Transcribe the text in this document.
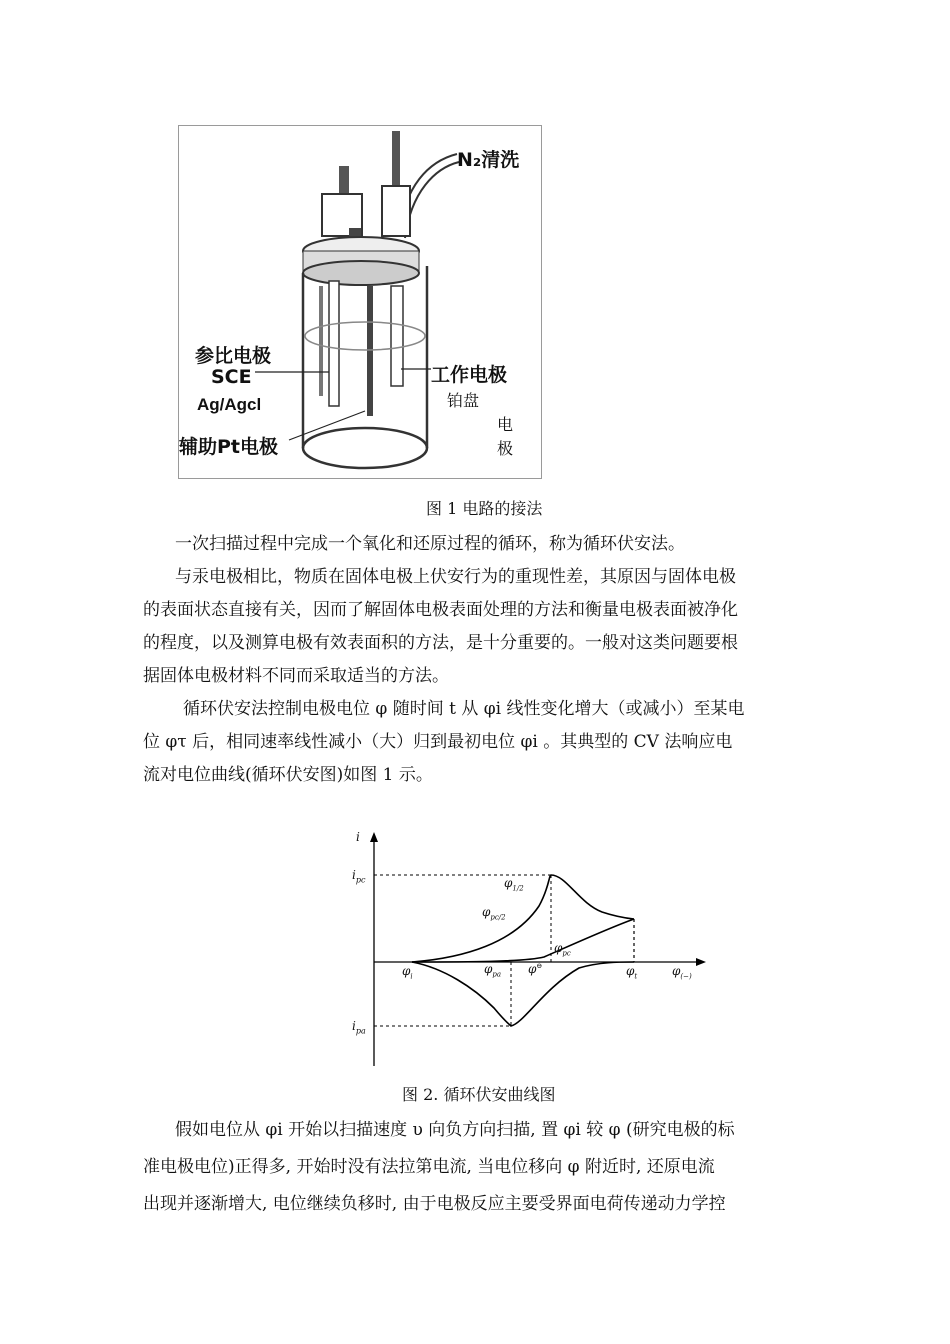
N₂清洗
参比电极
SCE
Ag/Agcl
辅助Pt电极
工作电极
铂盘
电
极
图 1 电路的接法
一次扫描过程中完成一个氧化和还原过程的循环，称为循环伏安法。
与汞电极相比，物质在固体电极上伏安行为的重现性差，其原因与固体电极
的表面状态直接有关，因而了解固体电极表面处理的方法和衡量电极表面被净化
的程度，以及测算电极有效表面积的方法，是十分重要的。一般对这类问题要根
据固体电极材料不同而采取适当的方法。
循环伏安法控制电极电位 φ 随时间 t 从 φi 线性变化增大（或减小）至某电
位 φτ 后，相同速率线性减小（大）归到最初电位 φi 。其典型的 CV 法响应电
流对电位曲线(循环伏安图)如图 1 示。
i
$i_{pc}$
$i_{pa}$
$\varphi_{1/2}$
$\varphi_{pc/2}$
$\varphi_{pc}$
$\varphi_i$
$\varphi_{pa}$ φ⊖	$\varphi_t$	$\varphi_{(-)}$
图 2. 循环伏安曲线图
假如电位从 φi 开始以扫描速度 υ 向负方向扫描, 置 φi 较 φ (研究电极的标
准电极电位)正得多, 开始时没有法拉第电流, 当电位移向 φ 附近时, 还原电流
出现并逐渐增大, 电位继续负移时, 由于电极反应主要受界面电荷传递动力学控
